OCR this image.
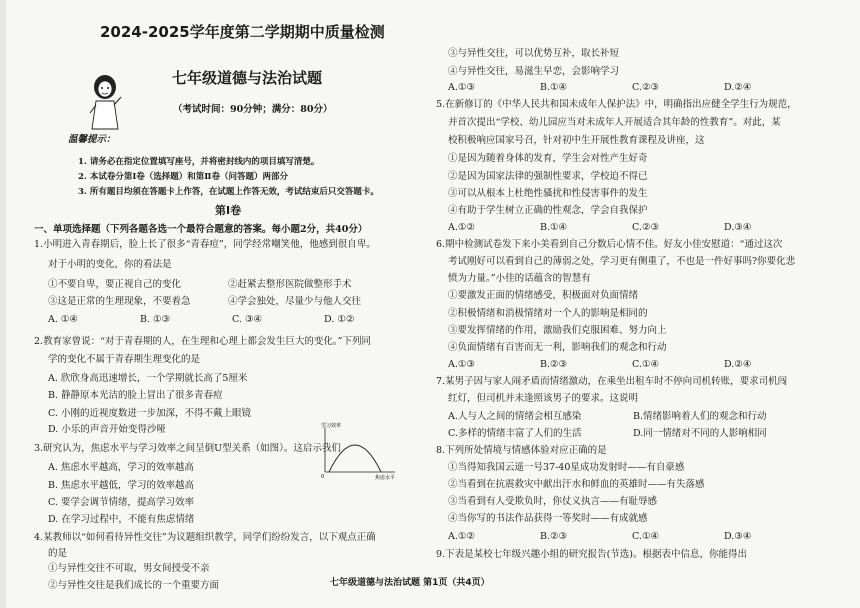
2024-2025学年度第二学期期中质量检测
七年级道德与法治试题
（考试时间：90分钟；满分：80分）
温馨提示：
1. 请务必在指定位置填写座号，并将密封线内的项目填写清楚。
2. 本试卷分第Ⅰ卷（选择题）和第Ⅱ卷（问答题）两部分
3. 所有题目均须在答题卡上作答，在试题上作答无效，考试结束后只交答题卡。
第Ⅰ卷
一、单项选择题（下列各题各选一个最符合题意的答案。每小题2分，共40分）
1.小明进入青春期后，脸上长了很多“青春痘”，同学经常嘲笑他，他感到很自卑。
对于小明的变化，你的看法是
①不要自卑，要正视自己的变化	②赶紧去整形医院做整形手术
③这是正常的生理现象，不要着急	④学会独处，尽量少与他人交往
A. ①④	B. ①③	C. ③④	D. ①②
2.教育家曾说：“对于青春期的人，在生理和心理上都会发生巨大的变化。”下列同
学的变化不属于青春期生理变化的是
A. 欣欣身高迅速增长，一个学期就长高了5厘米
B. 静静原本光洁的脸上冒出了很多青春痘
C. 小刚的近视度数进一步加深，不得不戴上眼镜
D. 小乐的声音开始变得沙哑
3.研究认为，焦虑水平与学习效率之间呈倒U型关系（如图）。这启示我们
A. 焦虑水平越高，学习的效率越高
B. 焦虑水平越低，学习的效率越高
C. 要学会调节情绪，提高学习效率
D. 在学习过程中，不能有焦虑情绪
4.某教师以“如何看待异性交往”为议题组织教学，同学们纷纷发言，以下观点正确
的是
①与异性交往不可取，男女间授受不亲
②与异性交往是我们成长的一个重要方面
学习效率
焦虑水平
0
③与异性交往，可以优势互补，取长补短
④与异性交往，易滋生早恋，会影响学习
A.①③	B.①④	C.②③	D.②④
5.在新修订的《中华人民共和国未成年人保护法》中，明确指出应健全学生行为规范，
并首次提出“学校、幼儿园应当对未成年人开展适合其年龄的性教育”。对此，某
校积极响应国家号召，针对初中生开展性教育课程及讲座，这
①是因为随着身体的发育，学生会对性产生好奇
②是因为国家法律的强制性要求，学校迫不得已
③可以从根本上杜绝性骚扰和性侵害事件的发生
④有助于学生树立正确的性观念，学会自我保护
A.①②	B.①④	C.②③	D.③④
6.期中检测试卷发下来小美看到自己分数后心情不佳。好友小佳安慰道：“通过这次
考试刚好可以看到自己的薄弱之处，学习更有侧重了，不也是一件好事吗?你要化悲
愤为力量。”小佳的话蕴含的智慧有
①要激发正面的情绪感受，积极面对负面情绪
②积极情绪和消极情绪对一个人的影响是相同的
③要发挥情绪的作用，激励我们克服困难、努力向上
④负面情绪有百害而无一利，影响我们的观念和行动
A.①③	B.②③	C.①④	D.②④
7.某男子因与家人闹矛盾而情绪激动，在乘坐出租车时不停向司机转账，要求司机闯
红灯，但司机并未逢照该男子的要求。这说明
A.人与人之间的情绪会相互感染	B.情绪影响着人们的观念和行动
C.多样的情绪丰富了人们的生活	D.同一情绪对不同的人影响相同
8.下列所处情境与情感体验对应正确的是
①当得知我国云遥一号37-40星成功发射时——有自豪感
②当看到在抗震救灾中献出汗水和鲜血的英雄时——有失落感
③当看到有人受欺负时，你仗义执言——有耻辱感
④当你写的书法作品获得一等奖时——有成就感
A.①②	B.②③	C.①④	D.③④
9.下表是某校七年级兴趣小组的研究报告(节选)。根据表中信息，你能得出
七年级道德与法治试题 第1页（共4页）
